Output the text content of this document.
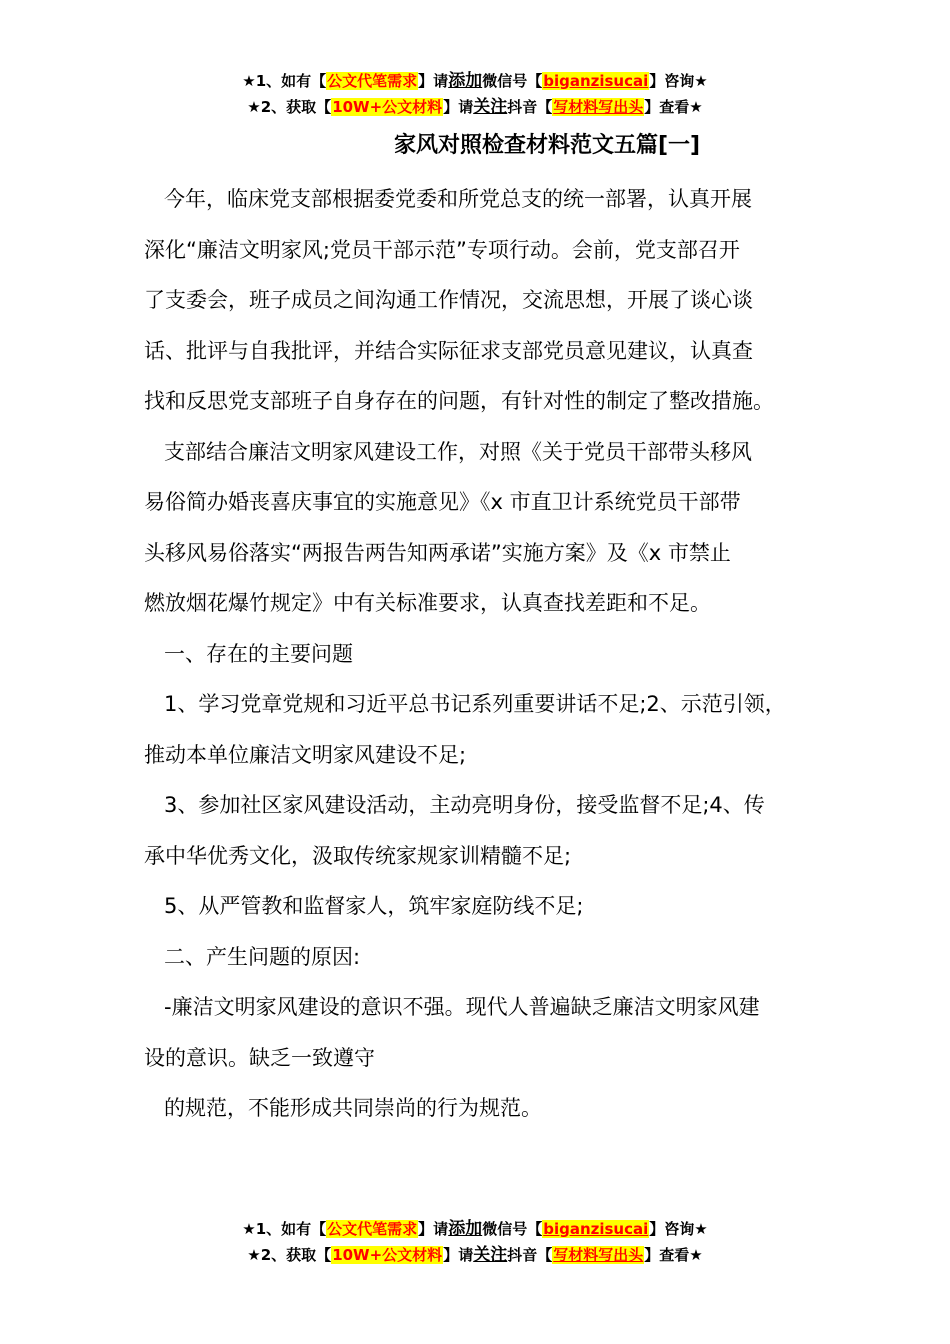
★1、如有【公文代笔需求】请添加微信号【biganzisucai】咨询★
★2、获取【10W+公文材料】请关注抖音【写材料写出头】查看★
家风对照检查材料范文五篇[一]

今年，临床党支部根据委党委和所党总支的统一部署，认真开展

深化“廉洁文明家风;党员干部示范”专项行动。会前，党支部召开

了支委会，班子成员之间沟通工作情况，交流思想，开展了谈心谈

话、批评与自我批评，并结合实际征求支部党员意见建议，认真查

找和反思党支部班子自身存在的问题，有针对性的制定了整改措施。

支部结合廉洁文明家风建设工作，对照《关于党员干部带头移风

易俗简办婚丧喜庆事宜的实施意见》《x 市直卫计系统党员干部带

头移风易俗落实“两报告两告知两承诺”实施方案》及《x 市禁止

燃放烟花爆竹规定》中有关标准要求，认真查找差距和不足。

一、存在的主要问题

1、学习党章党规和习近平总书记系列重要讲话不足;2、示范引领，

推动本单位廉洁文明家风建设不足;

3、参加社区家风建设活动，主动亮明身份，接受监督不足;4、传

承中华优秀文化，汲取传统家规家训精髓不足;

5、从严管教和监督家人，筑牢家庭防线不足;

二、产生问题的原因:

-廉洁文明家风建设的意识不强。现代人普遍缺乏廉洁文明家风建

设的意识。缺乏一致遵守

的规范，不能形成共同崇尚的行为规范。

★1、如有【公文代笔需求】请添加微信号【biganzisucai】咨询★
★2、获取【10W+公文材料】请关注抖音【写材料写出头】查看★
